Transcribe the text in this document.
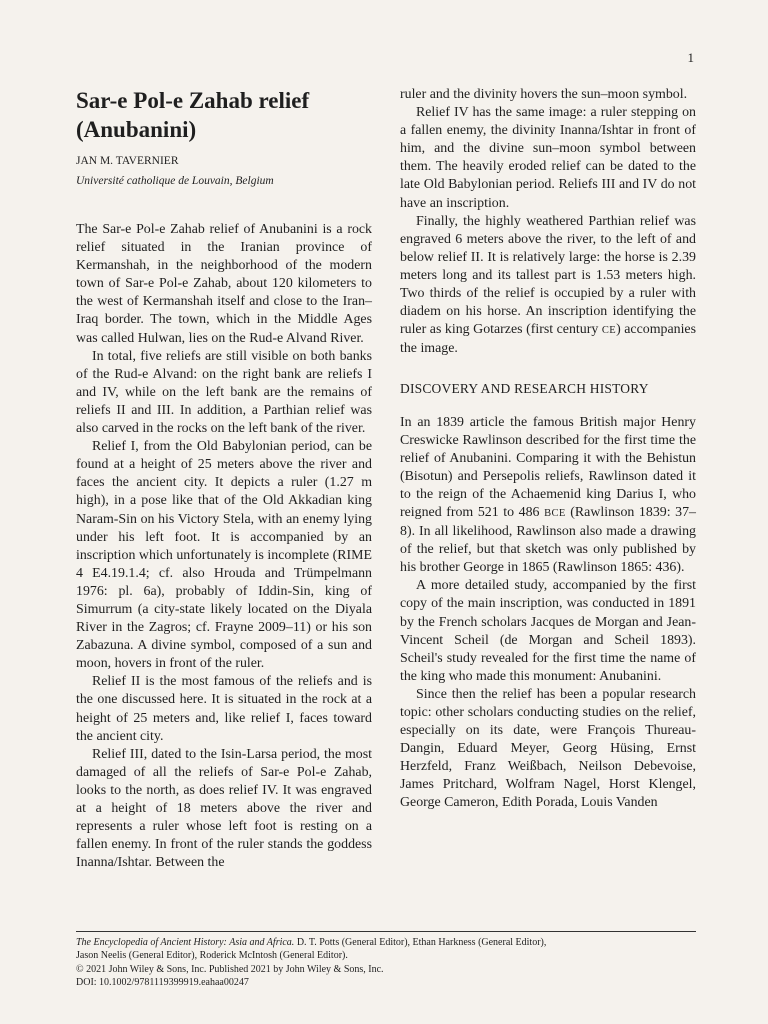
1
Sar-e Pol-e Zahab relief (Anubanini)
JAN M. TAVERNIER
Université catholique de Louvain, Belgium

The Sar-e Pol-e Zahab relief of Anubanini is a rock relief situated in the Iranian province of Kermanshah, in the neighborhood of the modern town of Sar-e Pol-e Zahab, about 120 kilometers to the west of Kermanshah itself and close to the Iran–Iraq border. The town, which in the Middle Ages was called Hulwan, lies on the Rud-e Alvand River.

In total, five reliefs are still visible on both banks of the Rud-e Alvand: on the right bank are reliefs I and IV, while on the left bank are the remains of reliefs II and III. In addition, a Parthian relief was also carved in the rocks on the left bank of the river.

Relief I, from the Old Babylonian period, can be found at a height of 25 meters above the river and faces the ancient city. It depicts a ruler (1.27 m high), in a pose like that of the Old Akkadian king Naram-Sin on his Victory Stela, with an enemy lying under his left foot. It is accompanied by an inscription which unfortunately is incomplete (RIME 4 E4.19.1.4; cf. also Hrouda and Trümpelmann 1976: pl. 6a), probably of Iddin-Sin, king of Simurrum (a city-state likely located on the Diyala River in the Zagros; cf. Frayne 2009–11) or his son Zabazuna. A divine symbol, composed of a sun and moon, hovers in front of the ruler.

Relief II is the most famous of the reliefs and is the one discussed here. It is situated in the rock at a height of 25 meters and, like relief I, faces toward the ancient city.

Relief III, dated to the Isin-Larsa period, the most damaged of all the reliefs of Sar-e Pol-e Zahab, looks to the north, as does relief IV. It was engraved at a height of 18 meters above the river and represents a ruler whose left foot is resting on a fallen enemy. In front of the ruler stands the goddess Inanna/Ishtar. Between the

ruler and the divinity hovers the sun–moon symbol.

Relief IV has the same image: a ruler stepping on a fallen enemy, the divinity Inanna/Ishtar in front of him, and the divine sun–moon symbol between them. The heavily eroded relief can be dated to the late Old Babylonian period. Reliefs III and IV do not have an inscription.

Finally, the highly weathered Parthian relief was engraved 6 meters above the river, to the left of and below relief II. It is relatively large: the horse is 2.39 meters long and its tallest part is 1.53 meters high. Two thirds of the relief is occupied by a ruler with diadem on his horse. An inscription identifying the ruler as king Gotarzes (first century CE) accompanies the image.

DISCOVERY AND RESEARCH HISTORY

In an 1839 article the famous British major Henry Creswicke Rawlinson described for the first time the relief of Anubanini. Comparing it with the Behistun (Bisotun) and Persepolis reliefs, Rawlinson dated it to the reign of the Achaemenid king Darius I, who reigned from 521 to 486 BCE (Rawlinson 1839: 37–8). In all likelihood, Rawlinson also made a drawing of the relief, but that sketch was only published by his brother George in 1865 (Rawlinson 1865: 436).

A more detailed study, accompanied by the first copy of the main inscription, was conducted in 1891 by the French scholars Jacques de Morgan and Jean-Vincent Scheil (de Morgan and Scheil 1893). Scheil's study revealed for the first time the name of the king who made this monument: Anubanini.

Since then the relief has been a popular research topic: other scholars conducting studies on the relief, especially on its date, were François Thureau-Dangin, Eduard Meyer, Georg Hüsing, Ernst Herzfeld, Franz Weißbach, Neilson Debevoise, James Pritchard, Wolfram Nagel, Horst Klengel, George Cameron, Edith Porada, Louis Vanden

The Encyclopedia of Ancient History: Asia and Africa. D. T. Potts (General Editor), Ethan Harkness (General Editor),
Jason Neelis (General Editor), Roderick McIntosh (General Editor).
© 2021 John Wiley & Sons, Inc. Published 2021 by John Wiley & Sons, Inc.
DOI: 10.1002/9781119399919.eahaa00247
